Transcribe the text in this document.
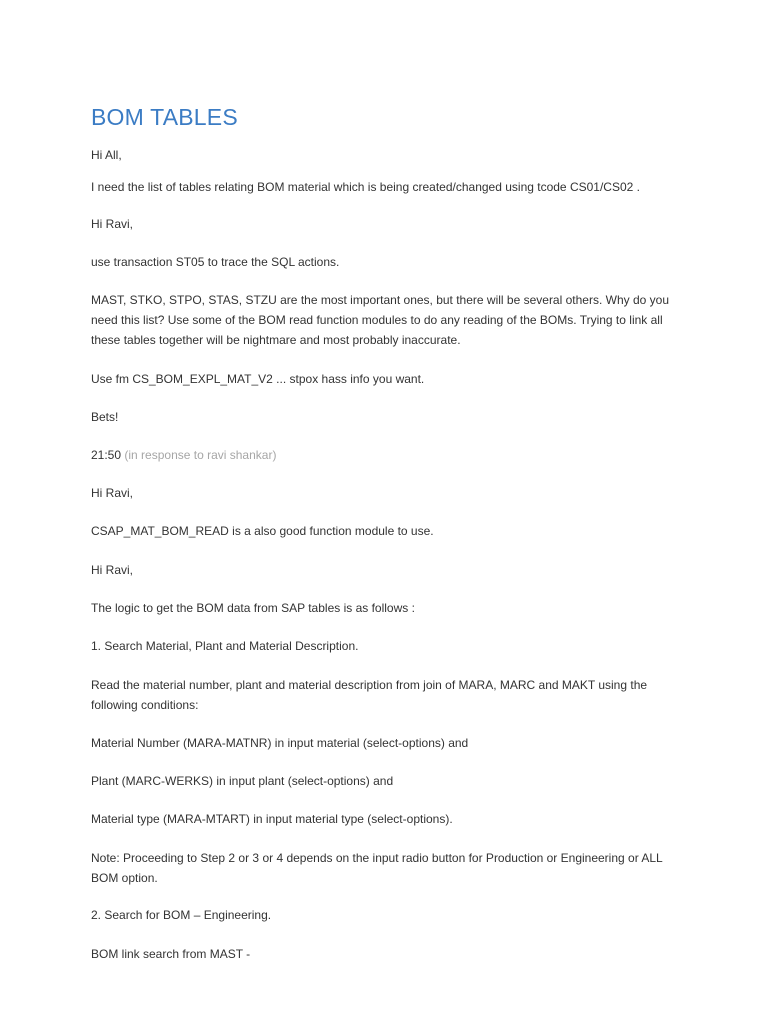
BOM TABLES

Hi All,

I need the list of tables relating BOM material which is being created/changed using tcode CS01/CS02 .

Hi Ravi,

use transaction ST05 to trace the SQL actions.

MAST, STKO, STPO, STAS, STZU are the most important ones, but there will be several others. Why do you need this list? Use some of the BOM read function modules to do any reading of the BOMs. Trying to link all these tables together will be nightmare and most probably inaccurate.

Use fm CS_BOM_EXPL_MAT_V2 ... stpox hass info you want.

Bets!

21:50 (in response to ravi shankar)

Hi Ravi,

CSAP_MAT_BOM_READ is a also good function module to use.

Hi Ravi,

The logic to get the BOM data from SAP tables is as follows :

1. Search Material, Plant and Material Description.

Read the material number, plant and material description from join of MARA, MARC and MAKT using the following conditions:

Material Number (MARA-MATNR) in input material (select-options) and

Plant (MARC-WERKS) in input plant (select-options) and

Material type (MARA-MTART) in input material type (select-options).

Note: Proceeding to Step 2 or 3 or 4 depends on the input radio button for Production or Engineering or ALL BOM option.

2. Search for BOM – Engineering.

BOM link search from MAST -
